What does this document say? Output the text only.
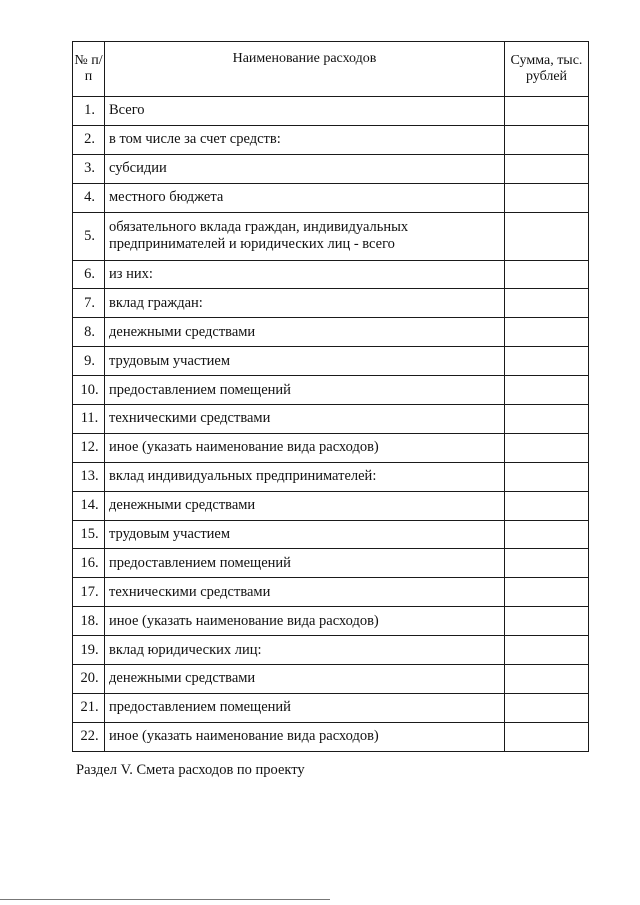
№ п/п	Наименование расходов	Сумма, тыс. рублей
1.	Всего	
2.	в том числе за счет средств:	
3.	субсидии	
4.	местного бюджета	
5.	обязательного вклада граждан, индивидуальных предпринимателей и юридических лиц - всего	
6.	из них:	
7.	вклад граждан:	
8.	денежными средствами	
9.	трудовым участием	
10.	предоставлением помещений	
11.	техническими средствами	
12.	иное (указать наименование вида расходов)	
13.	вклад индивидуальных предпринимателей:	
14.	денежными средствами	
15.	трудовым участием	
16.	предоставлением помещений	
17.	техническими средствами	
18.	иное (указать наименование вида расходов)	
19.	вклад юридических лиц:	
20.	денежными средствами	
21.	предоставлением помещений	
22.	иное (указать наименование вида расходов)	

Раздел V. Смета расходов по проекту
